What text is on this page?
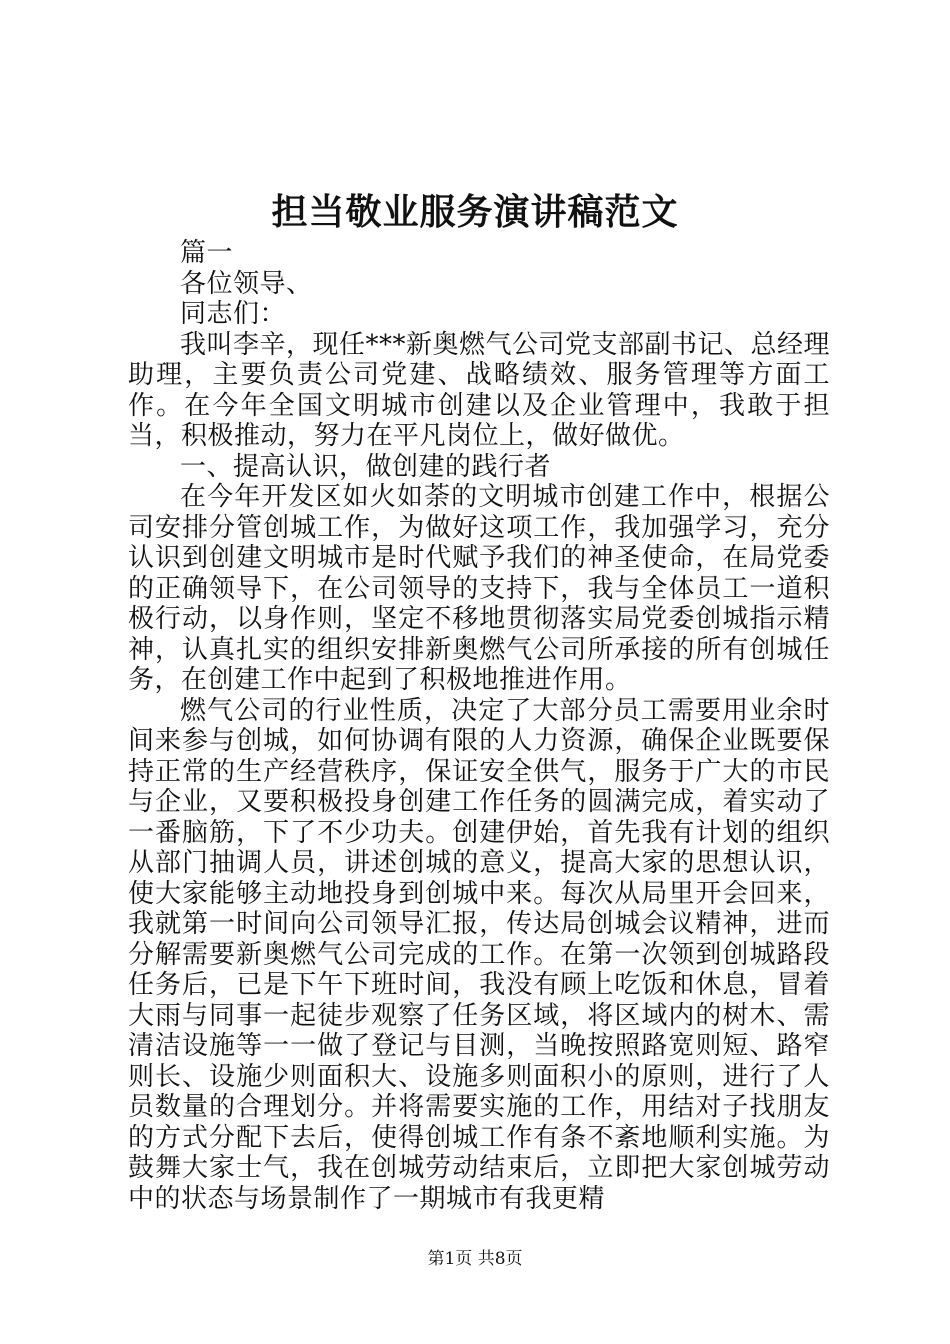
担当敬业服务演讲稿范文

篇一

各位领导、

同志们：

我叫李辛，现任***新奥燃气公司党支部副书记、总经理助理，主要负责公司党建、战略绩效、服务管理等方面工作。在今年全国文明城市创建以及企业管理中，我敢于担当，积极推动，努力在平凡岗位上，做好做优。

一、提高认识，做创建的践行者

在今年开发区如火如荼的文明城市创建工作中，根据公司安排分管创城工作，为做好这项工作，我加强学习，充分认识到创建文明城市是时代赋予我们的神圣使命，在局党委的正确领导下，在公司领导的支持下，我与全体员工一道积极行动，以身作则，坚定不移地贯彻落实局党委创城指示精神，认真扎实的组织安排新奥燃气公司所承接的所有创城任务，在创建工作中起到了积极地推进作用。

燃气公司的行业性质，决定了大部分员工需要用业余时间来参与创城，如何协调有限的人力资源，确保企业既要保持正常的生产经营秩序，保证安全供气，服务于广大的市民与企业，又要积极投身创建工作任务的圆满完成，着实动了一番脑筋，下了不少功夫。创建伊始，首先我有计划的组织从部门抽调人员，讲述创城的意义，提高大家的思想认识，使大家能够主动地投身到创城中来。每次从局里开会回来，我就第一时间向公司领导汇报，传达局创城会议精神，进而分解需要新奥燃气公司完成的工作。在第一次领到创城路段任务后，已是下午下班时间，我没有顾上吃饭和休息，冒着大雨与同事一起徒步观察了任务区域，将区域内的树木、需清洁设施等一一做了登记与目测，当晚按照路宽则短、路窄则长、设施少则面积大、设施多则面积小的原则，进行了人员数量的合理划分。并将需要实施的工作，用结对子找朋友的方式分配下去后，使得创城工作有条不紊地顺利实施。为鼓舞大家士气，我在创城劳动结束后，立即把大家创城劳动中的状态与场景制作了一期城市有我更精

第1页 共8页
